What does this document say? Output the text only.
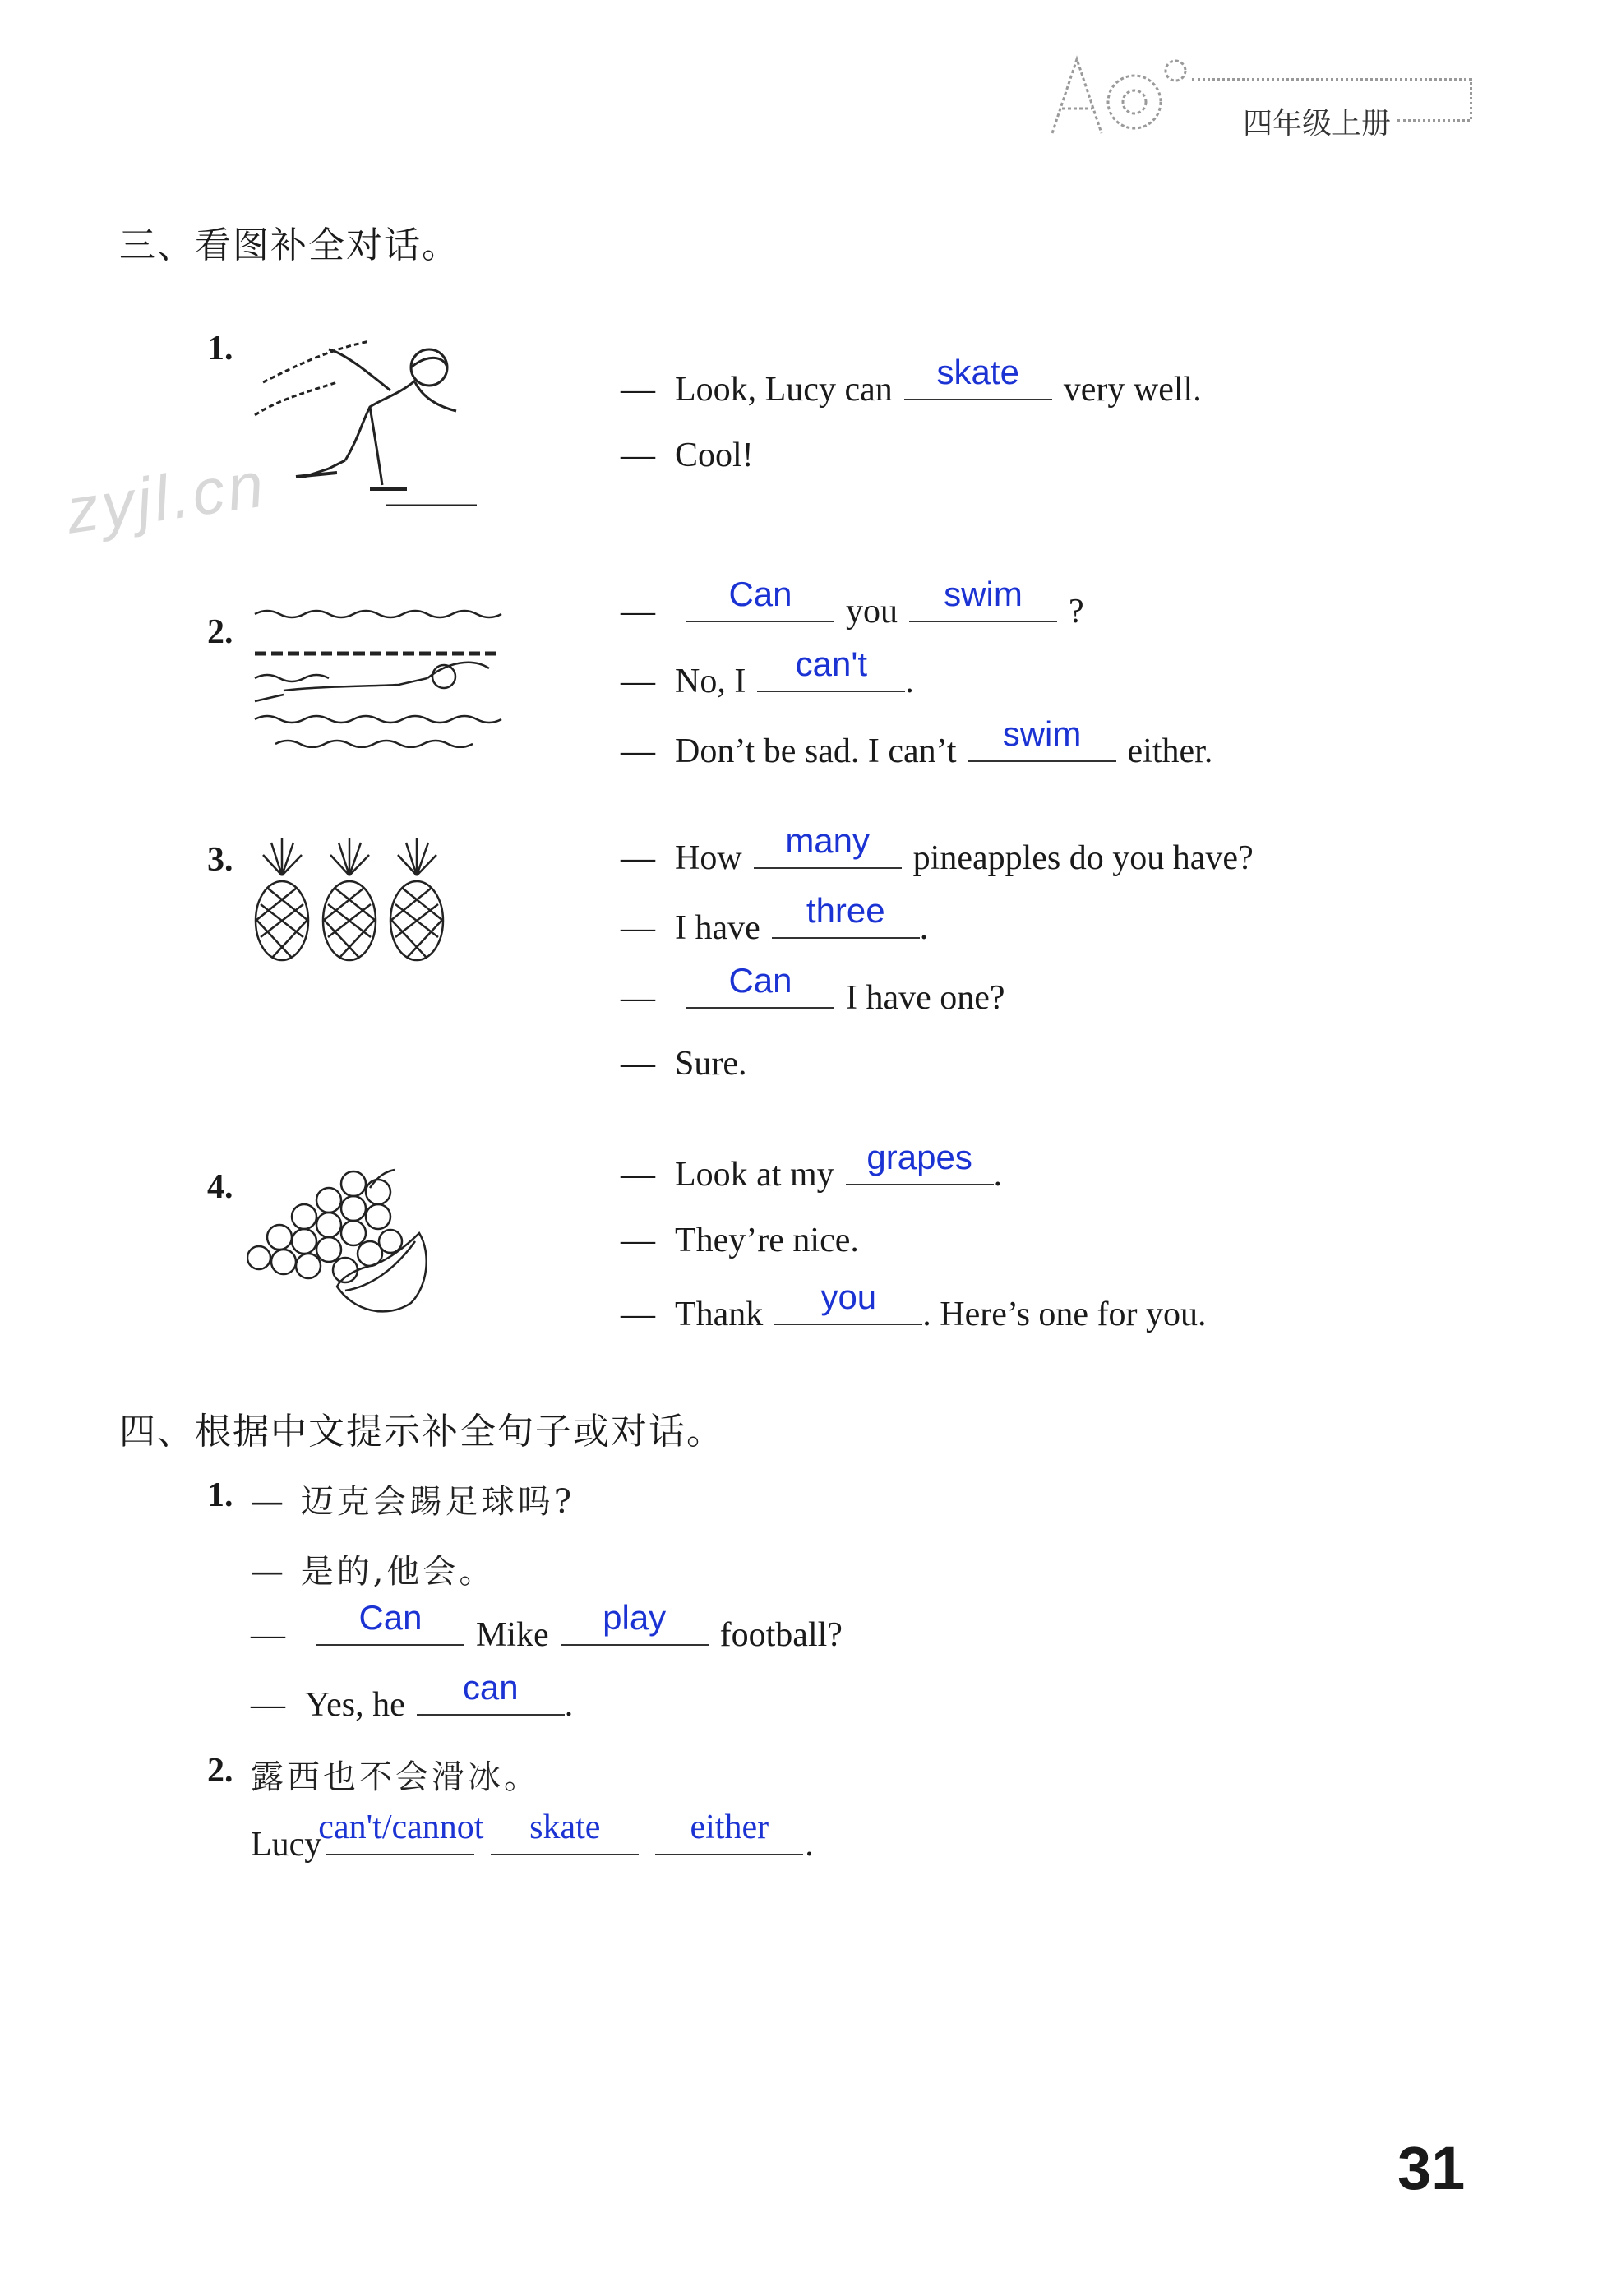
四年级上册
zyjl.cn
三、看图补全对话。
1.
— Look, Lucy can	skate	very well.
— Cool!
2.
—	Can	you	swim	?
— No, I	can't	.
— Don’t be sad. I can’t	swim	either.
3.	— How	many	pineapples do you have?
— I have	three	.
—	Can	I have one?
— Sure.
4.	— Look at my grapes .
— They’re nice.
— Thank	you	. Here’s one for you.
四、根据中文提示补全句子或对话。
1. — 迈克会踢足球吗?
— 是的,他会。
—	Can	Mike	play	football?
— Yes, he	can	.
2. 露西也不会滑冰。
Lucy
can't/cannot	skate	either	.
31
